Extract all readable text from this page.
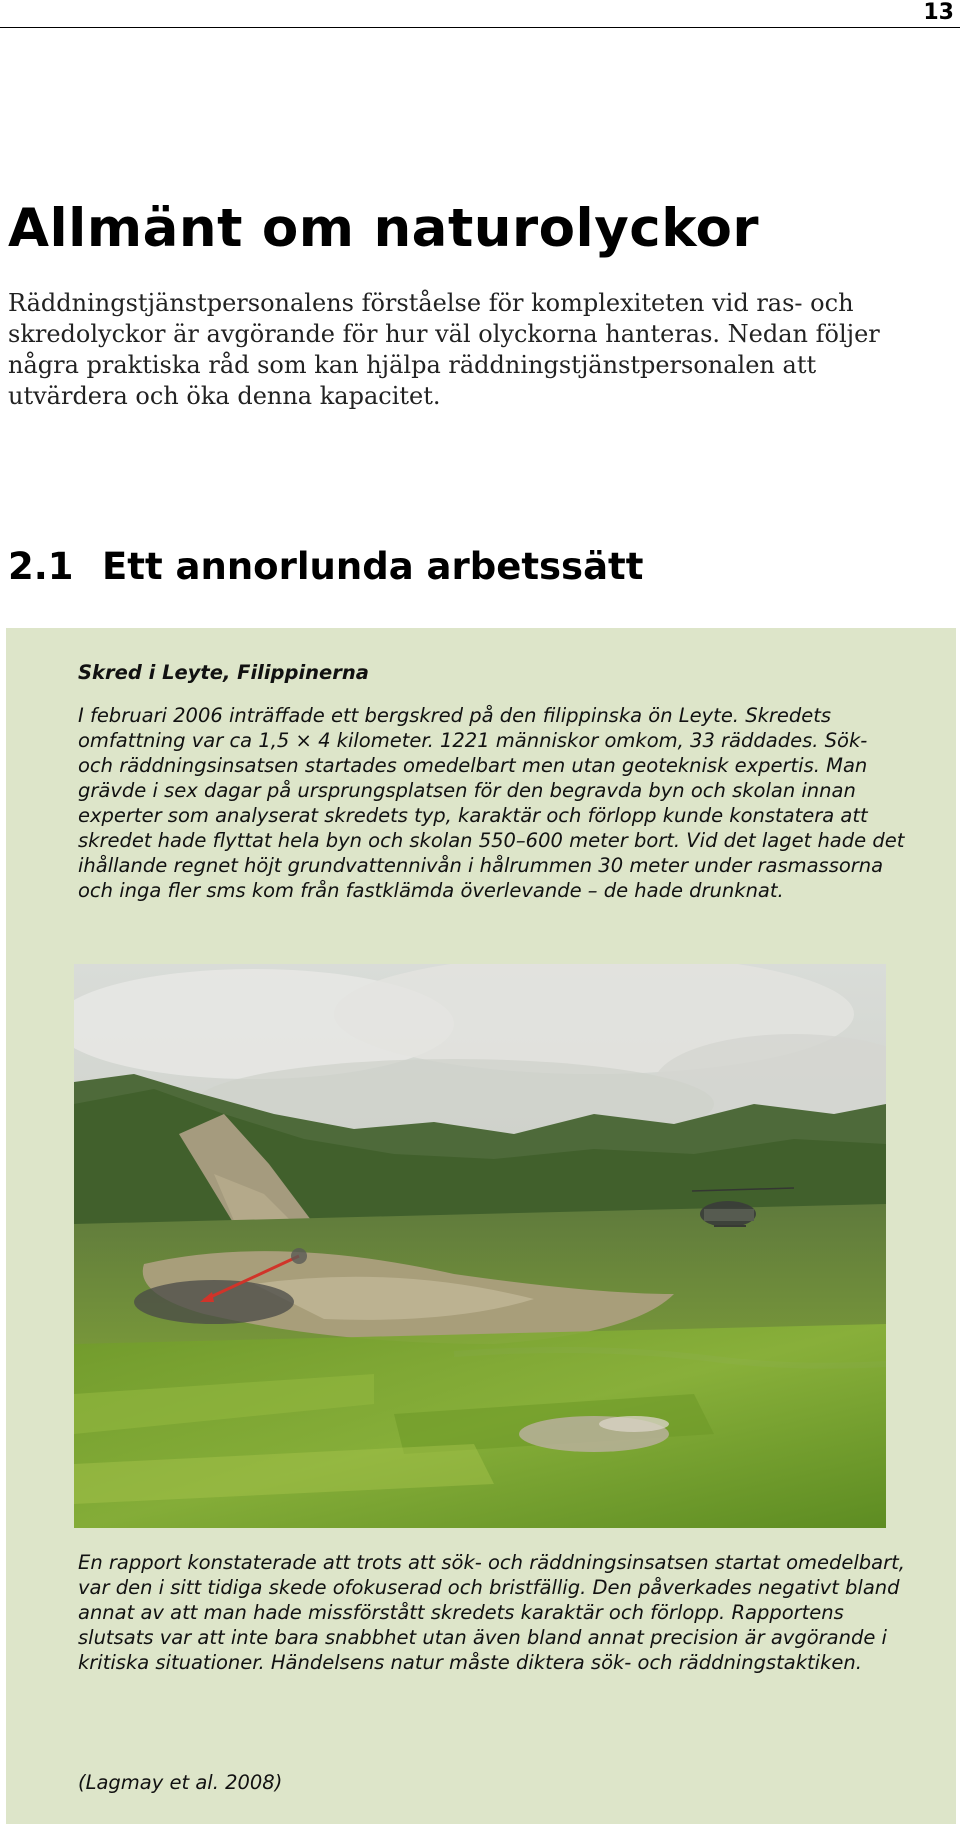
13
Allmänt om naturolyckor

Räddningstjänstpersonalens förståelse för komplexiteten vid ras- och skredolyckor är avgörande för hur väl olyckorna hanteras. Nedan följer några praktiska råd som kan hjälpa räddningstjänstpersonalen att utvärdera och öka denna kapacitet.

2.1 Ett annorlunda arbetssätt
Skred i Leyte, Filippinerna
I februari 2006 inträffade ett bergskred på den filippinska ön Leyte. Skredets omfattning var ca 1,5 × 4 kilometer. 1221 människor omkom, 33 räddades. Sök- och räddningsinsatsen startades omedelbart men utan geoteknisk expertis. Man grävde i sex dagar på ursprungsplatsen för den begravda byn och skolan innan experter som analyserat skredets typ, karaktär och förlopp kunde konstatera att skredet hade flyttat hela byn och skolan 550–600 meter bort. Vid det laget hade det ihållande regnet höjt grundvattennivån i hålrummen 30 meter under rasmassorna och inga fler sms kom från fastklämda överlevande – de hade drunknat.
En rapport konstaterade att trots att sök- och räddningsinsatsen startat omedelbart, var den i sitt tidiga skede ofokuserad och bristfällig. Den påverkades negativt bland annat av att man hade missförstått skredets karaktär och förlopp. Rapportens slutsats var att inte bara snabbhet utan även bland annat precision är avgörande i kritiska situationer. Händelsens natur måste diktera sök- och räddningstaktiken.
(Lagmay et al. 2008)
